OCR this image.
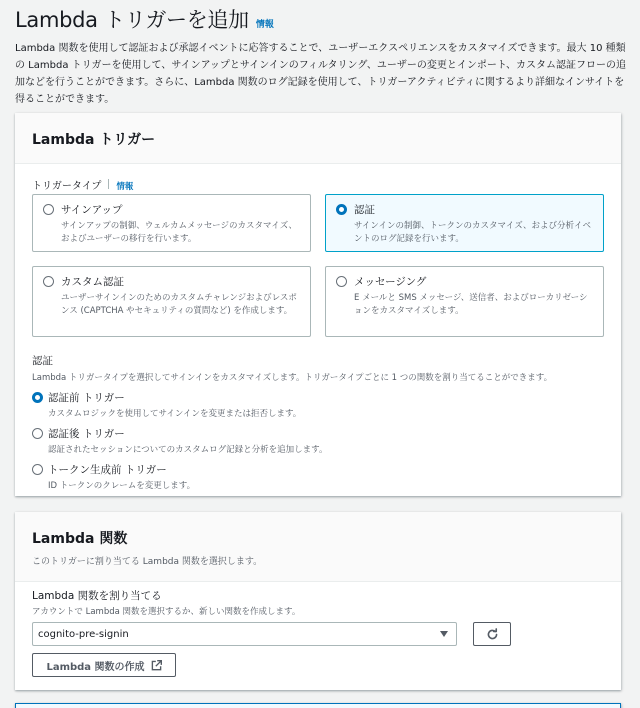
Lambda トリガーを追加 情報

Lambda 関数を使用して認証および承認イベントに応答することで、ユーザーエクスペリエンスをカスタマイズできます。最大 10 種類の Lambda トリガーを使用して、サインアップとサインインのフィルタリング、ユーザーの変更とインポート、カスタム認証フローの追加などを行うことができます。さらに、Lambda 関数のログ記録を使用して、トリガーアクティビティに関するより詳細なインサイトを得ることができます。

Lambda トリガー
トリガータイプ 情報
サインアップ
サインアップの制御、ウェルカムメッセージのカスタマイズ、およびユーザーの移行を行います。
認証
サインインの制御、トークンのカスタマイズ、および分析イベントのログ記録を行います。
カスタム認証
ユーザーサインインのためのカスタムチャレンジおよびレスポンス (CAPTCHA やセキュリティの質問など) を作成します。
メッセージング
E メールと SMS メッセージ、送信者、およびローカリゼーションをカスタマイズします。
認証
Lambda トリガータイプを選択してサインインをカスタマイズします。トリガータイプごとに 1 つの関数を割り当てることができます。
認証前 トリガー
カスタムロジックを使用してサインインを変更または拒否します。
認証後 トリガー
認証されたセッションについてのカスタムログ記録と分析を追加します。
トークン生成前 トリガー
ID トークンのクレームを変更します。
Lambda 関数
このトリガーに割り当てる Lambda 関数を選択します。
Lambda 関数を割り当てる
アカウントで Lambda 関数を選択するか、新しい関数を作成します。
cognito-pre-signin
Lambda 関数の作成
